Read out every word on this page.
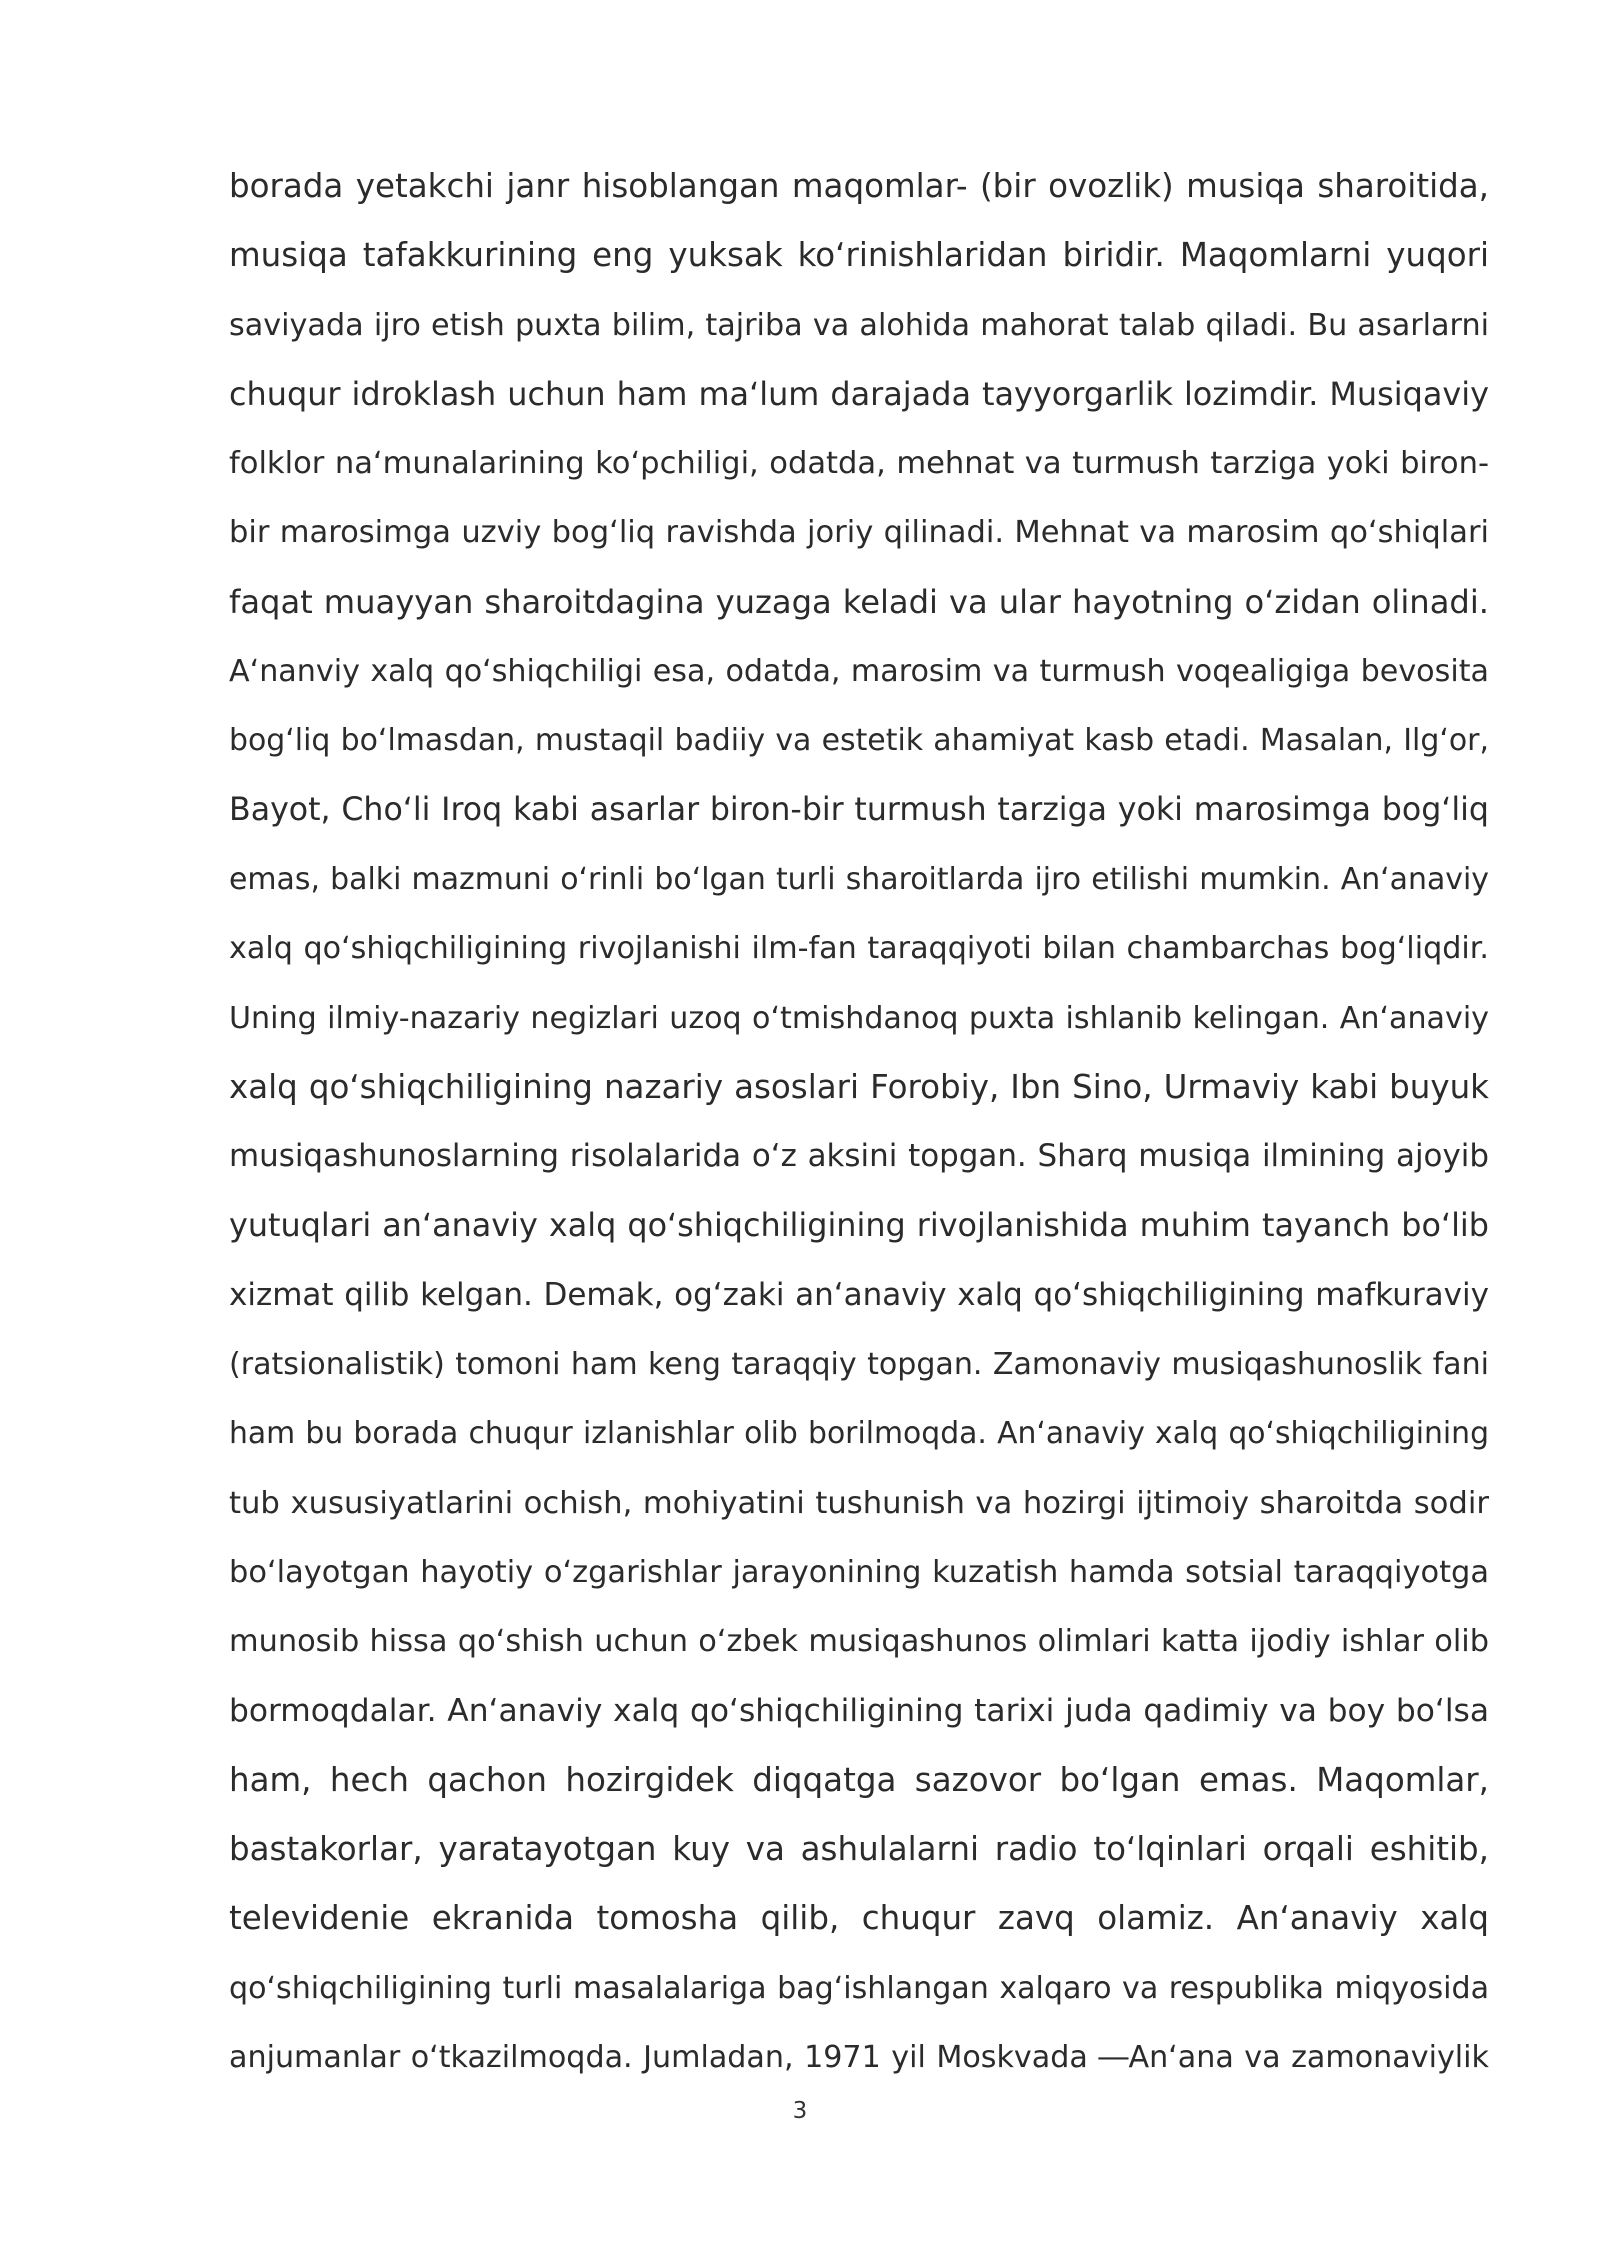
borada yetakchi janr hisoblangan maqomlar- (bir ovozlik) musiqa sharoitida,
musiqa tafakkurining eng yuksak ko‘rinishlaridan biridir. Maqomlarni yuqori
saviyada ijro etish puxta bilim, tajriba va alohida mahorat talab qiladi. Bu asarlarni
chuqur idroklash uchun ham ma‘lum darajada tayyorgarlik lozimdir. Musiqaviy
folklor na‘munalarining ko‘pchiligi, odatda, mehnat va turmush tarziga yoki biron-
bir marosimga uzviy bog‘liq ravishda joriy qilinadi. Mehnat va marosim qo‘shiqlari
faqat muayyan sharoitdagina yuzaga keladi va ular hayotning o‘zidan olinadi.
A‘nanviy xalq qo‘shiqchiligi esa, odatda, marosim va turmush voqealigiga bevosita
bog‘liq bo‘lmasdan, mustaqil badiiy va estetik ahamiyat kasb etadi. Masalan, Ilg‘or,
Bayot, Cho‘li Iroq kabi asarlar biron-bir turmush tarziga yoki marosimga bog‘liq
emas, balki mazmuni o‘rinli bo‘lgan turli sharoitlarda ijro etilishi mumkin. An‘anaviy
xalq qo‘shiqchiligining rivojlanishi ilm-fan taraqqiyoti bilan chambarchas bog‘liqdir.
Uning ilmiy-nazariy negizlari uzoq o‘tmishdanoq puxta ishlanib kelingan. An‘anaviy
xalq qo‘shiqchiligining nazariy asoslari Forobiy, Ibn Sino, Urmaviy kabi buyuk
musiqashunoslarning risolalarida o‘z aksini topgan. Sharq musiqa ilmining ajoyib
yutuqlari an‘anaviy xalq qo‘shiqchiligining rivojlanishida muhim tayanch bo‘lib
xizmat qilib kelgan. Demak, og‘zaki an‘anaviy xalq qo‘shiqchiligining mafkuraviy
(ratsionalistik) tomoni ham keng taraqqiy topgan. Zamonaviy musiqashunoslik fani
ham bu borada chuqur izlanishlar olib borilmoqda. An‘anaviy xalq qo‘shiqchiligining
tub xususiyatlarini ochish, mohiyatini tushunish va hozirgi ijtimoiy sharoitda sodir
bo‘layotgan hayotiy o‘zgarishlar jarayonining kuzatish hamda sotsial taraqqiyotga
munosib hissa qo‘shish uchun o‘zbek musiqashunos olimlari katta ijodiy ishlar olib
bormoqdalar. An‘anaviy xalq qo‘shiqchiligining tarixi juda qadimiy va boy bo‘lsa
ham, hech qachon hozirgidek diqqatga sazovor bo‘lgan emas. Maqomlar,
bastakorlar, yaratayotgan kuy va ashulalarni radio to‘lqinlari orqali eshitib,
televidenie ekranida tomosha qilib, chuqur zavq olamiz. An‘anaviy xalq
qo‘shiqchiligining turli masalalariga bag‘ishlangan xalqaro va respublika miqyosida
anjumanlar o‘tkazilmoqda. Jumladan, 1971 yil Moskvada ―An‘ana va zamonaviylik
3
